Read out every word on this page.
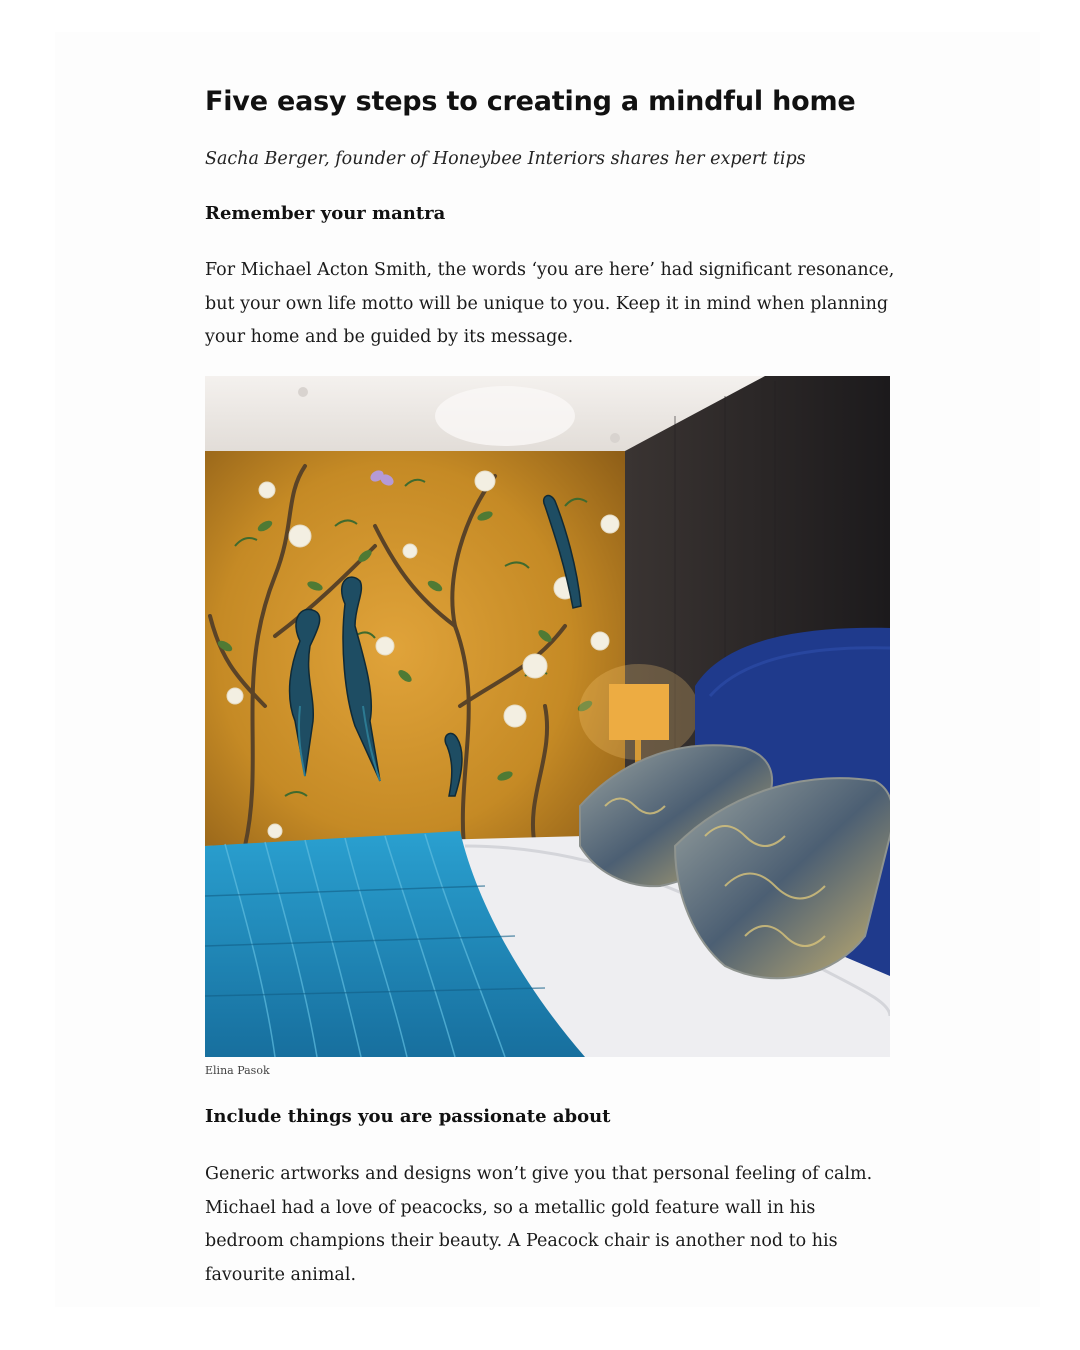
Five easy steps to creating a mindful home

Sacha Berger, founder of Honeybee Interiors shares her expert tips

Remember your mantra

For Michael Acton Smith, the words ‘you are here’ had significant resonance, but your own life motto will be unique to you. Keep it in mind when planning your home and be guided by its message.

Elina Pasok

Include things you are passionate about

Generic artworks and designs won’t give you that personal feeling of calm. Michael had a love of peacocks, so a metallic gold feature wall in his bedroom champions their beauty. A Peacock chair is another nod to his favourite animal.
